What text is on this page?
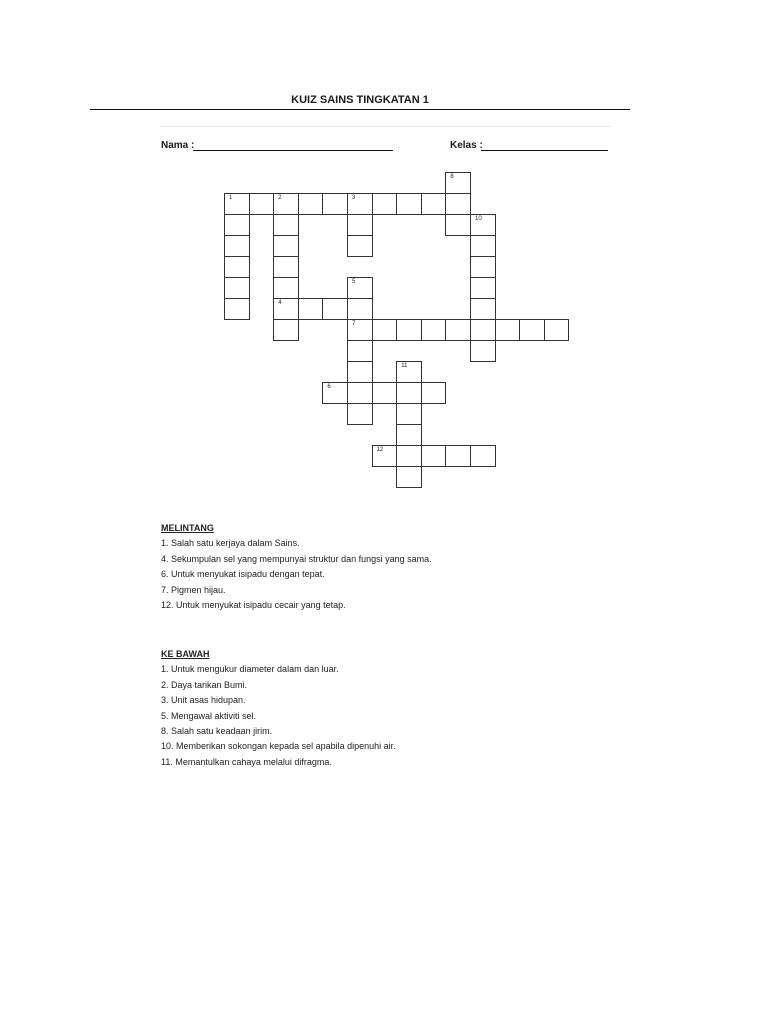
KUIZ SAINS TINGKATAN 1
Nama :	Kelas :
1	2	3
8
10
5
4
7
11
6
12
MELINTANG
1. Salah satu kerjaya dalam Sains.
4. Sekumpulan sel yang mempunyai struktur dan fungsi yang sama.
6. Untuk menyukat isipadu dengan tepat.
7. Pigmen hijau.
12. Untuk menyukat isipadu cecair yang tetap.
KE BAWAH
1. Untuk mengukur diameter dalam dan luar.
2. Daya tarikan Bumi.
3. Unit asas hidupan.
5. Mengawal aktiviti sel.
8. Salah satu keadaan jirim.
10. Memberikan sokongan kepada sel apabila dipenuhi air.
11. Memantulkan cahaya melalui difragma.
